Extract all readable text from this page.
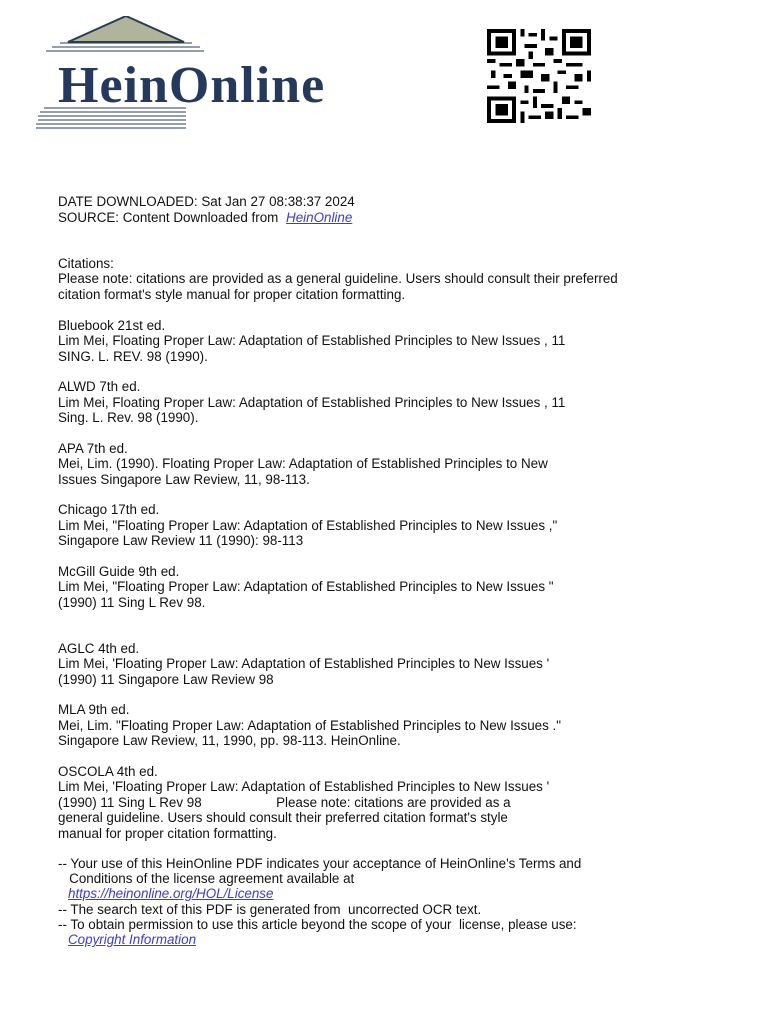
HeinOnline
DATE DOWNLOADED: Sat Jan 27 08:38:37 2024
SOURCE: Content Downloaded from HeinOnline
Citations:
Please note: citations are provided as a general guideline. Users should consult their preferred
citation format's style manual for proper citation formatting.
Bluebook 21st ed.
Lim Mei, Floating Proper Law: Adaptation of Established Principles to New Issues , 11
SING. L. REV. 98 (1990).
ALWD 7th ed.
Lim Mei, Floating Proper Law: Adaptation of Established Principles to New Issues , 11
Sing. L. Rev. 98 (1990).
APA 7th ed.
Mei, Lim. (1990). Floating Proper Law: Adaptation of Established Principles to New
Issues Singapore Law Review, 11, 98-113.
Chicago 17th ed.
Lim Mei, "Floating Proper Law: Adaptation of Established Principles to New Issues ,"
Singapore Law Review 11 (1990): 98-113
McGill Guide 9th ed.
Lim Mei, "Floating Proper Law: Adaptation of Established Principles to New Issues "
(1990) 11 Sing L Rev 98.
AGLC 4th ed.
Lim Mei, 'Floating Proper Law: Adaptation of Established Principles to New Issues '
(1990) 11 Singapore Law Review 98
MLA 9th ed.
Mei, Lim. "Floating Proper Law: Adaptation of Established Principles to New Issues ."
Singapore Law Review, 11, 1990, pp. 98-113. HeinOnline.
OSCOLA 4th ed.
Lim Mei, 'Floating Proper Law: Adaptation of Established Principles to New Issues '
(1990) 11 Sing L Rev 98                    Please note: citations are provided as a
general guideline. Users should consult their preferred citation format's style
manual for proper citation formatting.
-- Your use of this HeinOnline PDF indicates your acceptance of HeinOnline's Terms and
Conditions of the license agreement available at
https://heinonline.org/HOL/License
-- The search text of this PDF is generated from  uncorrected OCR text.
-- To obtain permission to use this article beyond the scope of your  license, please use:
Copyright Information
